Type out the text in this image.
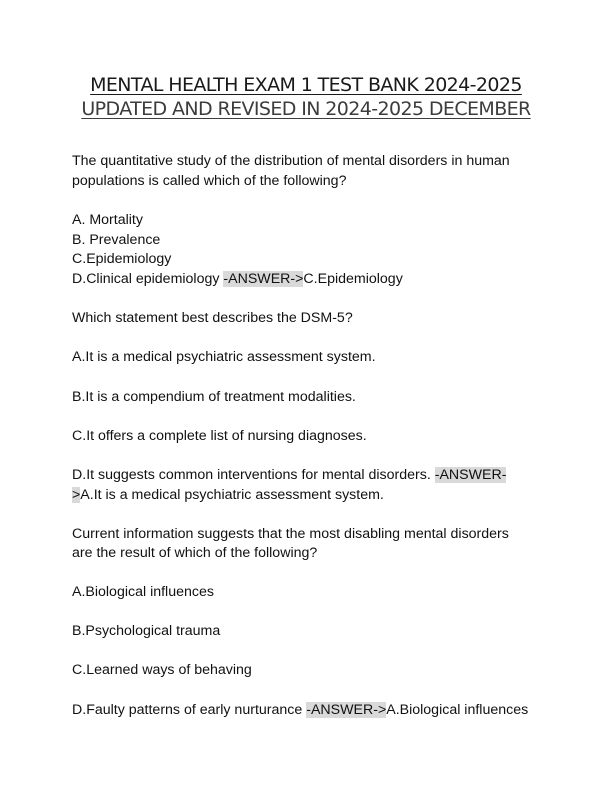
MENTAL HEALTH EXAM 1 TEST BANK 2024-2025
UPDATED AND REVISED IN 2024-2025 DECEMBER
The quantitative study of the distribution of mental disorders in human
populations is called which of the following?
A. Mortality
B. Prevalence
C.Epidemiology
D.Clinical epidemiology -ANSWER->C.Epidemiology
Which statement best describes the DSM-5?
A.It is a medical psychiatric assessment system.
B.It is a compendium of treatment modalities.
C.It offers a complete list of nursing diagnoses.
D.It suggests common interventions for mental disorders. -ANSWER-
>A.It is a medical psychiatric assessment system.
Current information suggests that the most disabling mental disorders
are the result of which of the following?
A.Biological influences
B.Psychological trauma
C.Learned ways of behaving
D.Faulty patterns of early nurturance -ANSWER->A.Biological influences
